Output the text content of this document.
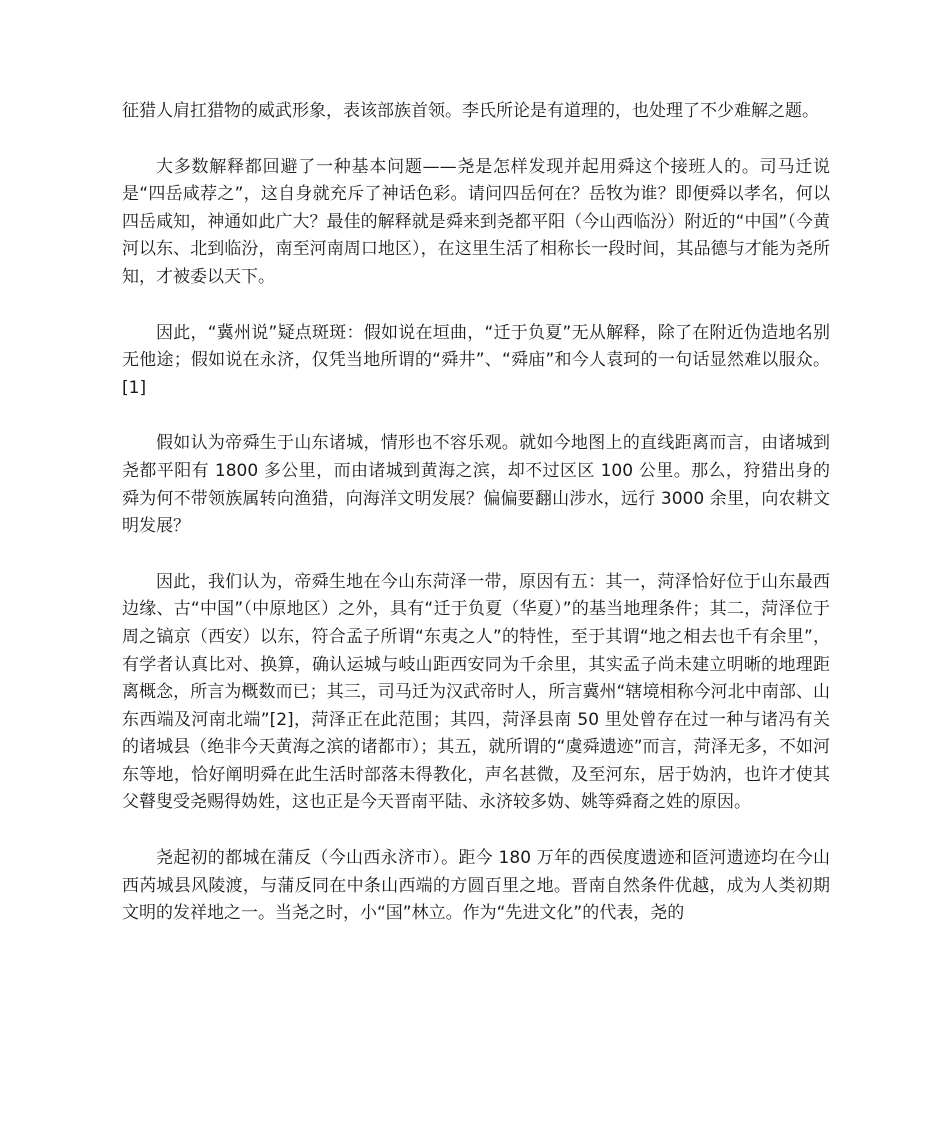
征猎人肩扛猎物的威武形象，表该部族首领。李氏所论是有道理的，也处理了不少难解之题。

大多数解释都回避了一种基本问题——尧是怎样发现并起用舜这个接班人的。司马迁说是“四岳咸荐之”，这自身就充斥了神话色彩。请问四岳何在？岳牧为谁？即便舜以孝名，何以四岳咸知，神通如此广大？最佳的解释就是舜来到尧都平阳（今山西临汾）附近的“中国”（今黄河以东、北到临汾，南至河南周口地区），在这里生活了相称长一段时间，其品德与才能为尧所知，才被委以天下。

因此，“冀州说”疑点斑斑：假如说在垣曲，“迁于负夏”无从解释，除了在附近伪造地名别无他途；假如说在永济，仅凭当地所谓的“舜井”、“舜庙”和今人袁珂的一句话显然难以服众。[1]

假如认为帝舜生于山东诸城，情形也不容乐观。就如今地图上的直线距离而言，由诸城到尧都平阳有 1800 多公里，而由诸城到黄海之滨，却不过区区 100 公里。那么，狩猎出身的舜为何不带领族属转向渔猎，向海洋文明发展？偏偏要翻山涉水，远行 3000 余里，向农耕文明发展？

因此，我们认为，帝舜生地在今山东菏泽一带，原因有五：其一，菏泽恰好位于山东最西边缘、古“中国”（中原地区）之外，具有“迁于负夏（华夏）”的基当地理条件；其二，菏泽位于周之镐京（西安）以东，符合孟子所谓“东夷之人”的特性，至于其谓“地之相去也千有余里”，有学者认真比对、换算，确认运城与岐山距西安同为千余里，其实孟子尚未建立明晰的地理距离概念，所言为概数而已；其三，司马迁为汉武帝时人，所言冀州“辖境相称今河北中南部、山东西端及河南北端”[2]，菏泽正在此范围；其四，菏泽县南 50 里处曾存在过一种与诸冯有关的诸城县（绝非今天黄海之滨的诸都市）；其五，就所谓的“虞舜遗迹”而言，菏泽无多，不如河东等地，恰好阐明舜在此生活时部落未得教化，声名甚微，及至河东，居于妫汭，也许才使其父瞽叟受尧赐得妫姓，这也正是今天晋南平陆、永济较多妫、姚等舜裔之姓的原因。

尧起初的都城在蒲反（今山西永济市）。距今 180 万年的西侯度遗迹和匼河遗迹均在今山西芮城县风陵渡，与蒲反同在中条山西端的方圆百里之地。晋南自然条件优越，成为人类初期文明的发祥地之一。当尧之时，小“国”林立。作为“先进文化”的代表，尧的
